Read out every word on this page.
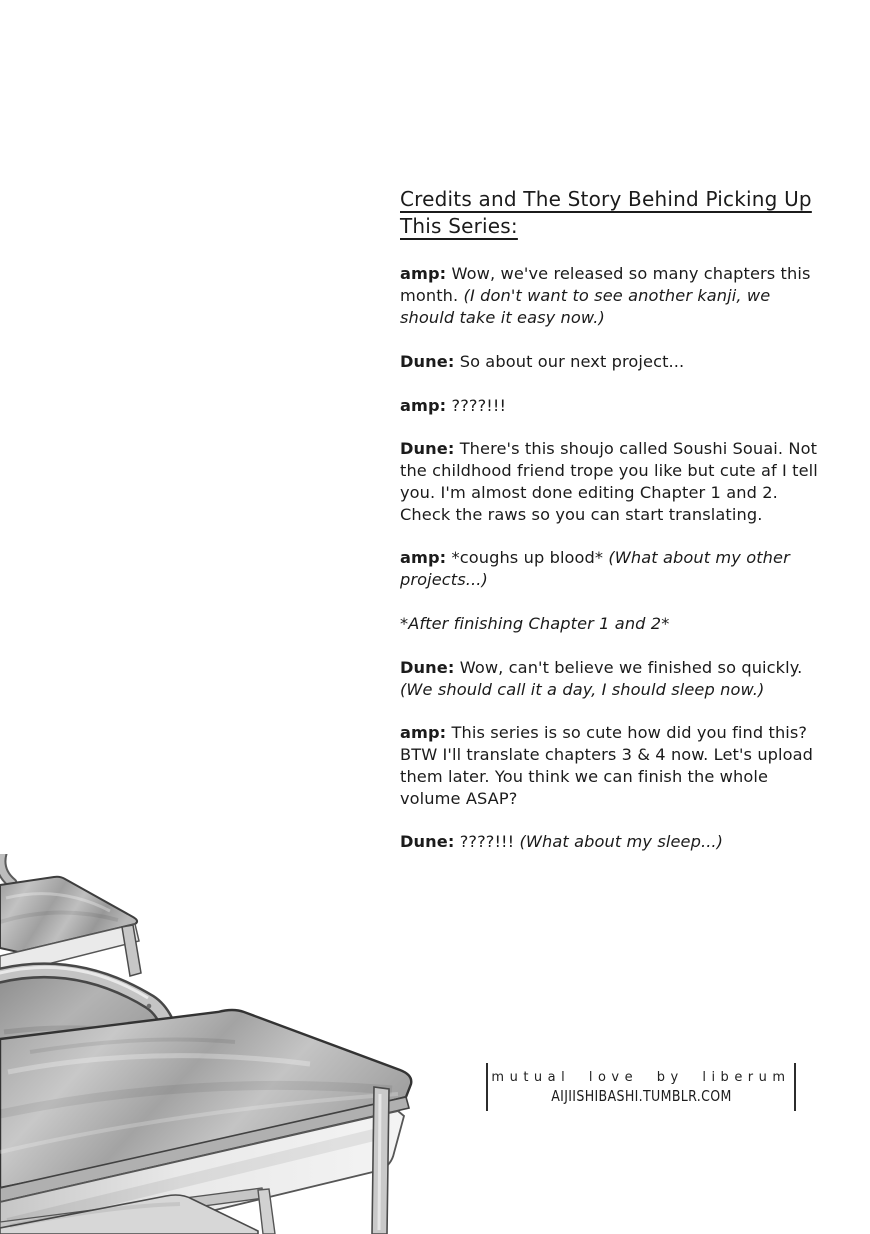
Credits and The Story Behind Picking Up This Series:

amp: Wow, we've released so many chapters this month. (I don't want to see another kanji, we should take it easy now.)

Dune: So about our next project...

amp: ????!!!

Dune: There's this shoujo called Soushi Souai. Not the childhood friend trope you like but cute af I tell you. I'm almost done editing Chapter 1 and 2. Check the raws so you can start translating.

amp: *coughs up blood* (What about my other projects...)

*After finishing Chapter 1 and 2*

Dune: Wow, can't believe we finished so quickly. (We should call it a day, I should sleep now.)

amp: This series is so cute how did you find this? BTW I'll translate chapters 3 & 4 now. Let's upload them later. You think we can finish the whole volume ASAP?

Dune: ????!!! (What about my sleep...)

mutual love by liberum
AIJIISHIBASHI.TUMBLR.COM
